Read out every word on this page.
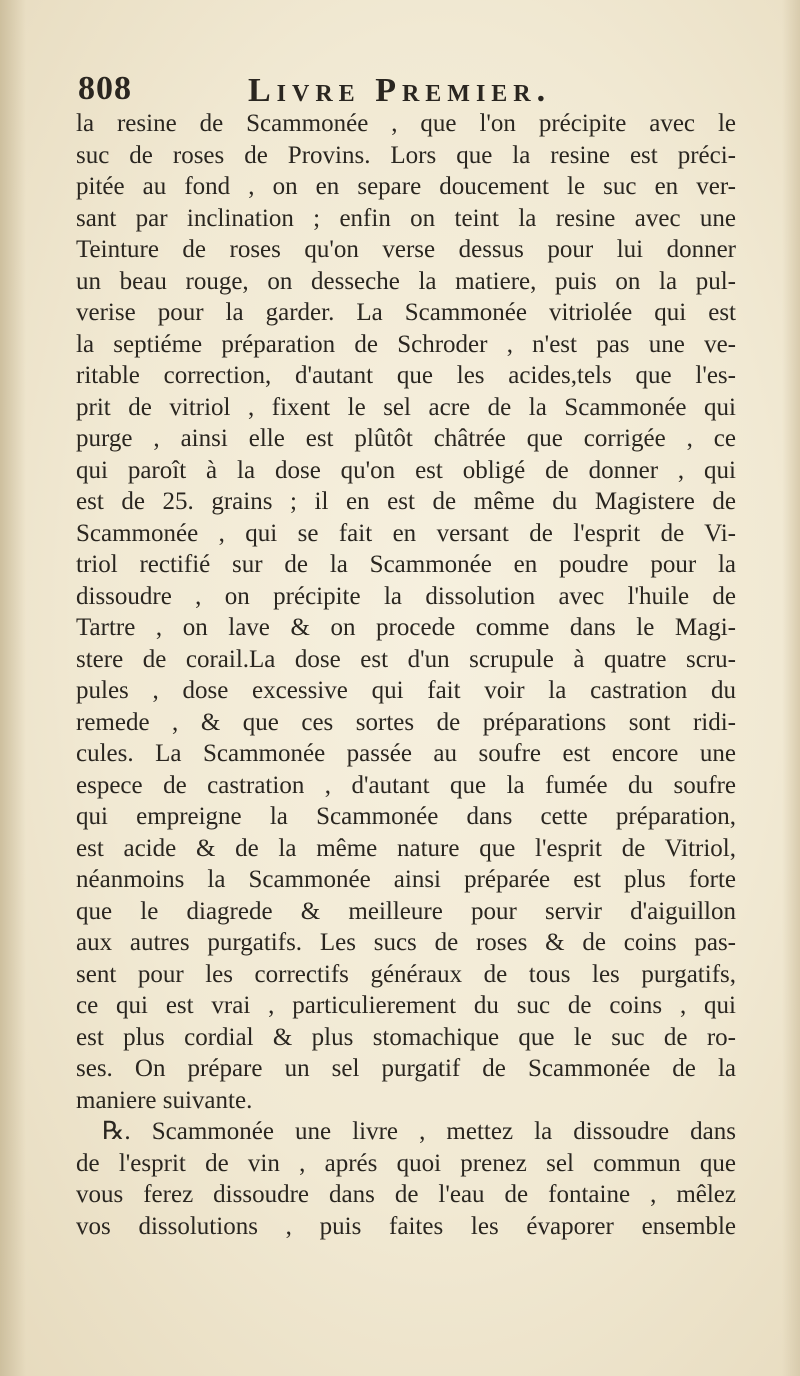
808	Livre Premier.
la resine de Scammonée , que l'on précipite avec le
suc de roses de Provins. Lors que la resine est préci-
pitée au fond , on en separe doucement le suc en ver-
sant par inclination ; enfin on teint la resine avec une
Teinture de roses qu'on verse dessus pour lui donner
un beau rouge, on desseche la matiere, puis on la pul-
verise pour la garder. La Scammonée vitriolée qui est
la septiéme préparation de Schroder , n'est pas une ve-
ritable correction, d'autant que les acides,tels que l'es-
prit de vitriol , fixent le sel acre de la Scammonée qui
purge , ainsi elle est plûtôt châtrée que corrigée , ce
qui paroît à la dose qu'on est obligé de donner , qui
est de 25. grains ; il en est de même du Magistere de
Scammonée , qui se fait en versant de l'esprit de Vi-
triol rectifié sur de la Scammonée en poudre pour la
dissoudre , on précipite la dissolution avec l'huile de
Tartre , on lave & on procede comme dans le Magi-
stere de corail.La dose est d'un scrupule à quatre scru-
pules , dose excessive qui fait voir la castration du
remede , & que ces sortes de préparations sont ridi-
cules. La Scammonée passée au soufre est encore une
espece de castration , d'autant que la fumée du soufre
qui empreigne la Scammonée dans cette préparation,
est acide & de la même nature que l'esprit de Vitriol,
néanmoins la Scammonée ainsi préparée est plus forte
que le diagrede & meilleure pour servir d'aiguillon
aux autres purgatifs. Les sucs de roses & de coins pas-
sent pour les correctifs généraux de tous les purgatifs,
ce qui est vrai , particulierement du suc de coins , qui
est plus cordial & plus stomachique que le suc de ro-
ses. On prépare un sel purgatif de Scammonée de la
maniere suivante.
℞. Scammonée une livre , mettez la dissoudre dans
de l'esprit de vin , aprés quoi prenez sel commun que
vous ferez dissoudre dans de l'eau de fontaine , mêlez
vos dissolutions , puis faites les évaporer ensemble
